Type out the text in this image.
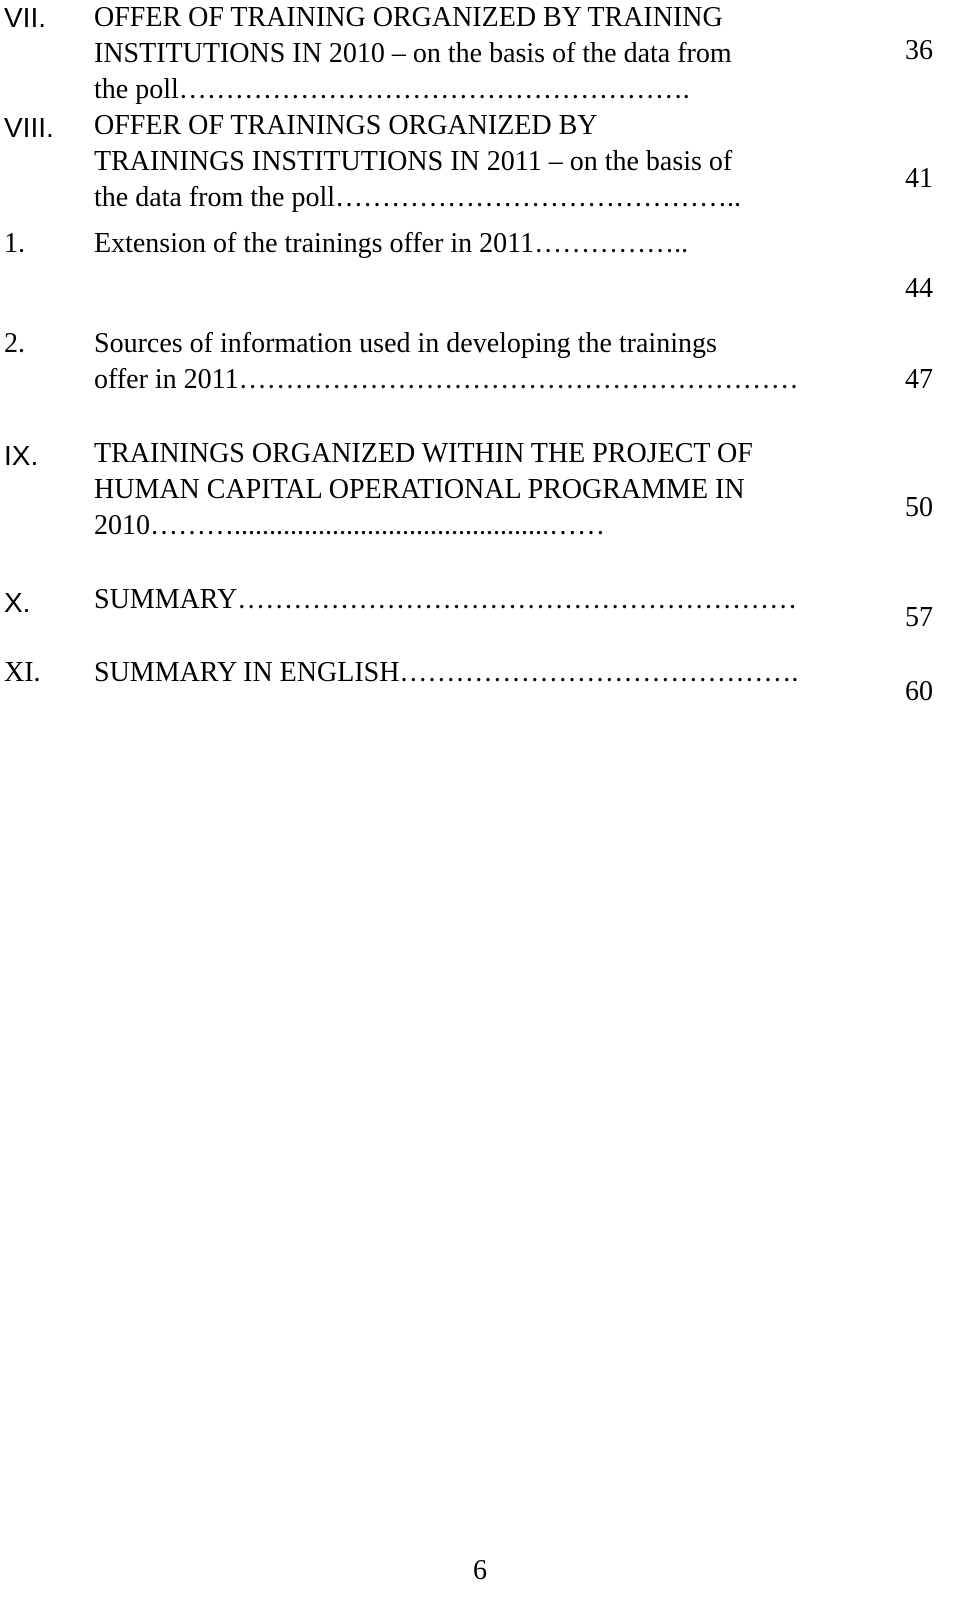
VII. OFFER OF TRAINING ORGANIZED BY TRAINING
INSTITUTIONS IN 2010 – on the basis of the data from
the poll……………………………………………….
36
VIII. OFFER OF TRAININGS ORGANIZED BY
TRAININGS INSTITUTIONS IN 2011 – on the basis of
the data from the poll……………………………………..
41
1. Extension of the trainings offer in 2011……………..
44
2. Sources of information used in developing the trainings
offer in 2011……………………………………………………	47
IX. TRAININGS ORGANIZED WITHIN THE PROJECT OF
HUMAN CAPITAL OPERATIONAL PROGRAMME IN
2010……….............................................……
50
X. SUMMARY……………………………………………………
57
XI. SUMMARY IN ENGLISH…………………………………….
60
6
